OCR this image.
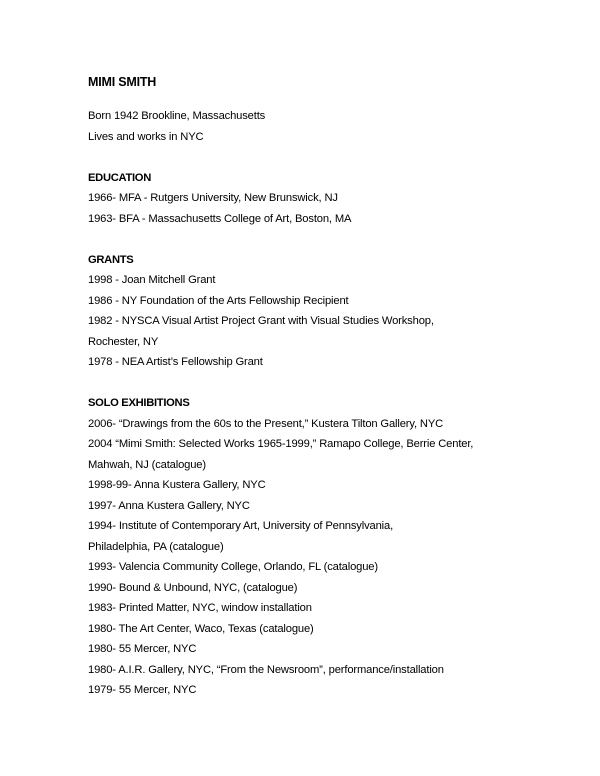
MIMI SMITH
Born 1942 Brookline, Massachusetts
Lives and works in NYC
EDUCATION
1966- MFA - Rutgers University, New Brunswick, NJ
1963- BFA - Massachusetts College of Art, Boston, MA
GRANTS
1998 - Joan Mitchell Grant
1986 - NY Foundation of the Arts Fellowship Recipient
1982 - NYSCA Visual Artist Project Grant with Visual Studies Workshop,
Rochester, NY
1978 - NEA Artist’s Fellowship Grant
SOLO EXHIBITIONS
2006- “Drawings from the 60s to the Present,” Kustera Tilton Gallery, NYC
2004 “Mimi Smith: Selected Works 1965-1999,” Ramapo College, Berrie Center,
Mahwah, NJ (catalogue)
1998-99- Anna Kustera Gallery, NYC
1997- Anna Kustera Gallery, NYC
1994- Institute of Contemporary Art, University of Pennsylvania,
Philadelphia, PA (catalogue)
1993- Valencia Community College, Orlando, FL (catalogue)
1990- Bound & Unbound, NYC, (catalogue)
1983- Printed Matter, NYC, window installation
1980- The Art Center, Waco, Texas (catalogue)
1980- 55 Mercer, NYC
1980- A.I.R. Gallery, NYC, “From the Newsroom”, performance/installation
1979- 55 Mercer, NYC
